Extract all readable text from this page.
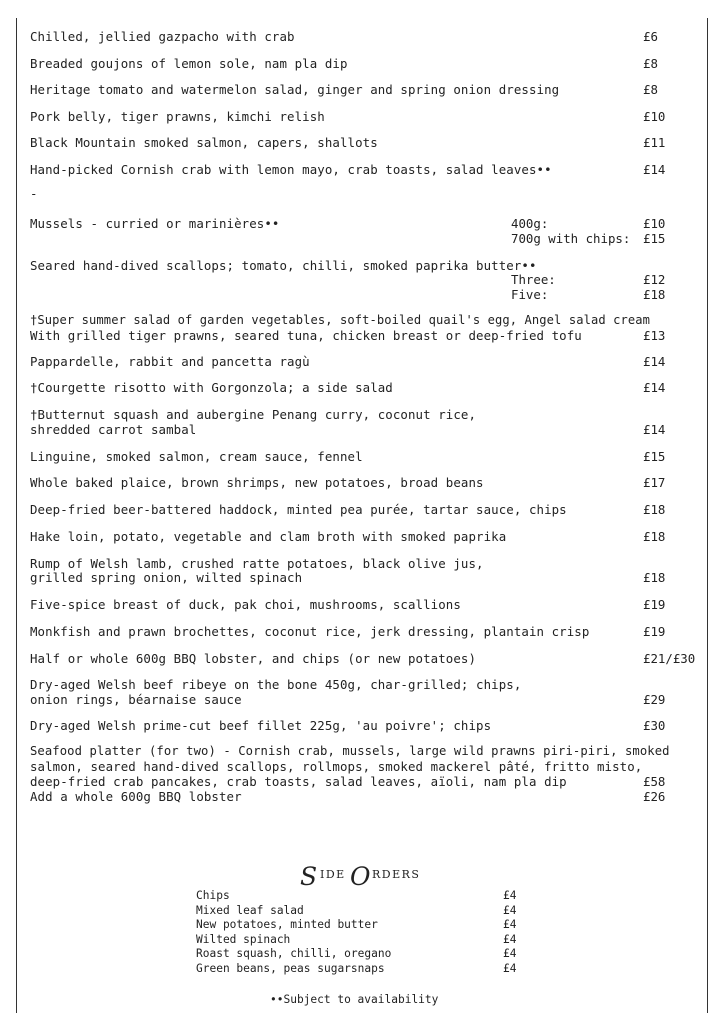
Chilled, jellied gazpacho with crab	£6
Breaded goujons of lemon sole, nam pla dip	£8
Heritage tomato and watermelon salad, ginger and spring onion dressing	£8
Pork belly, tiger prawns, kimchi relish	£10
Black Mountain smoked salmon, capers, shallots	£11
Hand-picked Cornish crab with lemon mayo, crab toasts, salad leaves••	£14
-
Mussels - curried or marinières••	400g:	£10
700g with chips: £15
Seared hand-dived scallops; tomato, chilli, smoked paprika butter••
Three:	£12
Five:	£18
†Super summer salad of garden vegetables, soft-boiled quail's egg, Angel salad cream
With grilled tiger prawns, seared tuna, chicken breast or deep-fried tofu	£13
Pappardelle, rabbit and pancetta ragù	£14
†Courgette risotto with Gorgonzola; a side salad	£14
†Butternut squash and aubergine Penang curry, coconut rice,
shredded carrot sambal	£14
Linguine, smoked salmon, cream sauce, fennel	£15
Whole baked plaice, brown shrimps, new potatoes, broad beans	£17
Deep-fried beer-battered haddock, minted pea purée, tartar sauce, chips	£18
Hake loin, potato, vegetable and clam broth with smoked paprika	£18
Rump of Welsh lamb, crushed ratte potatoes, black olive jus,
grilled spring onion, wilted spinach	£18
Five-spice breast of duck, pak choi, mushrooms, scallions	£19
Monkfish and prawn brochettes, coconut rice, jerk dressing, plantain crisp	£19
Half or whole 600g BBQ lobster, and chips (or new potatoes)	£21/£30
Dry-aged Welsh beef ribeye on the bone 450g, char-grilled; chips,
onion rings, béarnaise sauce	£29
Dry-aged Welsh prime-cut beef fillet 225g, 'au poivre'; chips	£30
Seafood platter (for two) - Cornish crab, mussels, large wild prawns piri-piri, smoked
salmon, seared hand-dived scallops, rollmops, smoked mackerel pâté, fritto misto,
deep-fried crab pancakes, crab toasts, salad leaves, aïoli, nam pla dip	£58
Add a whole 600g BBQ lobster	£26
S IDE O RDERS
Chips	£4
Mixed leaf salad	£4
New potatoes, minted butter	£4
Wilted spinach	£4
Roast squash, chilli, oregano	£4
Green beans, peas sugarsnaps	£4
••Subject to availability
